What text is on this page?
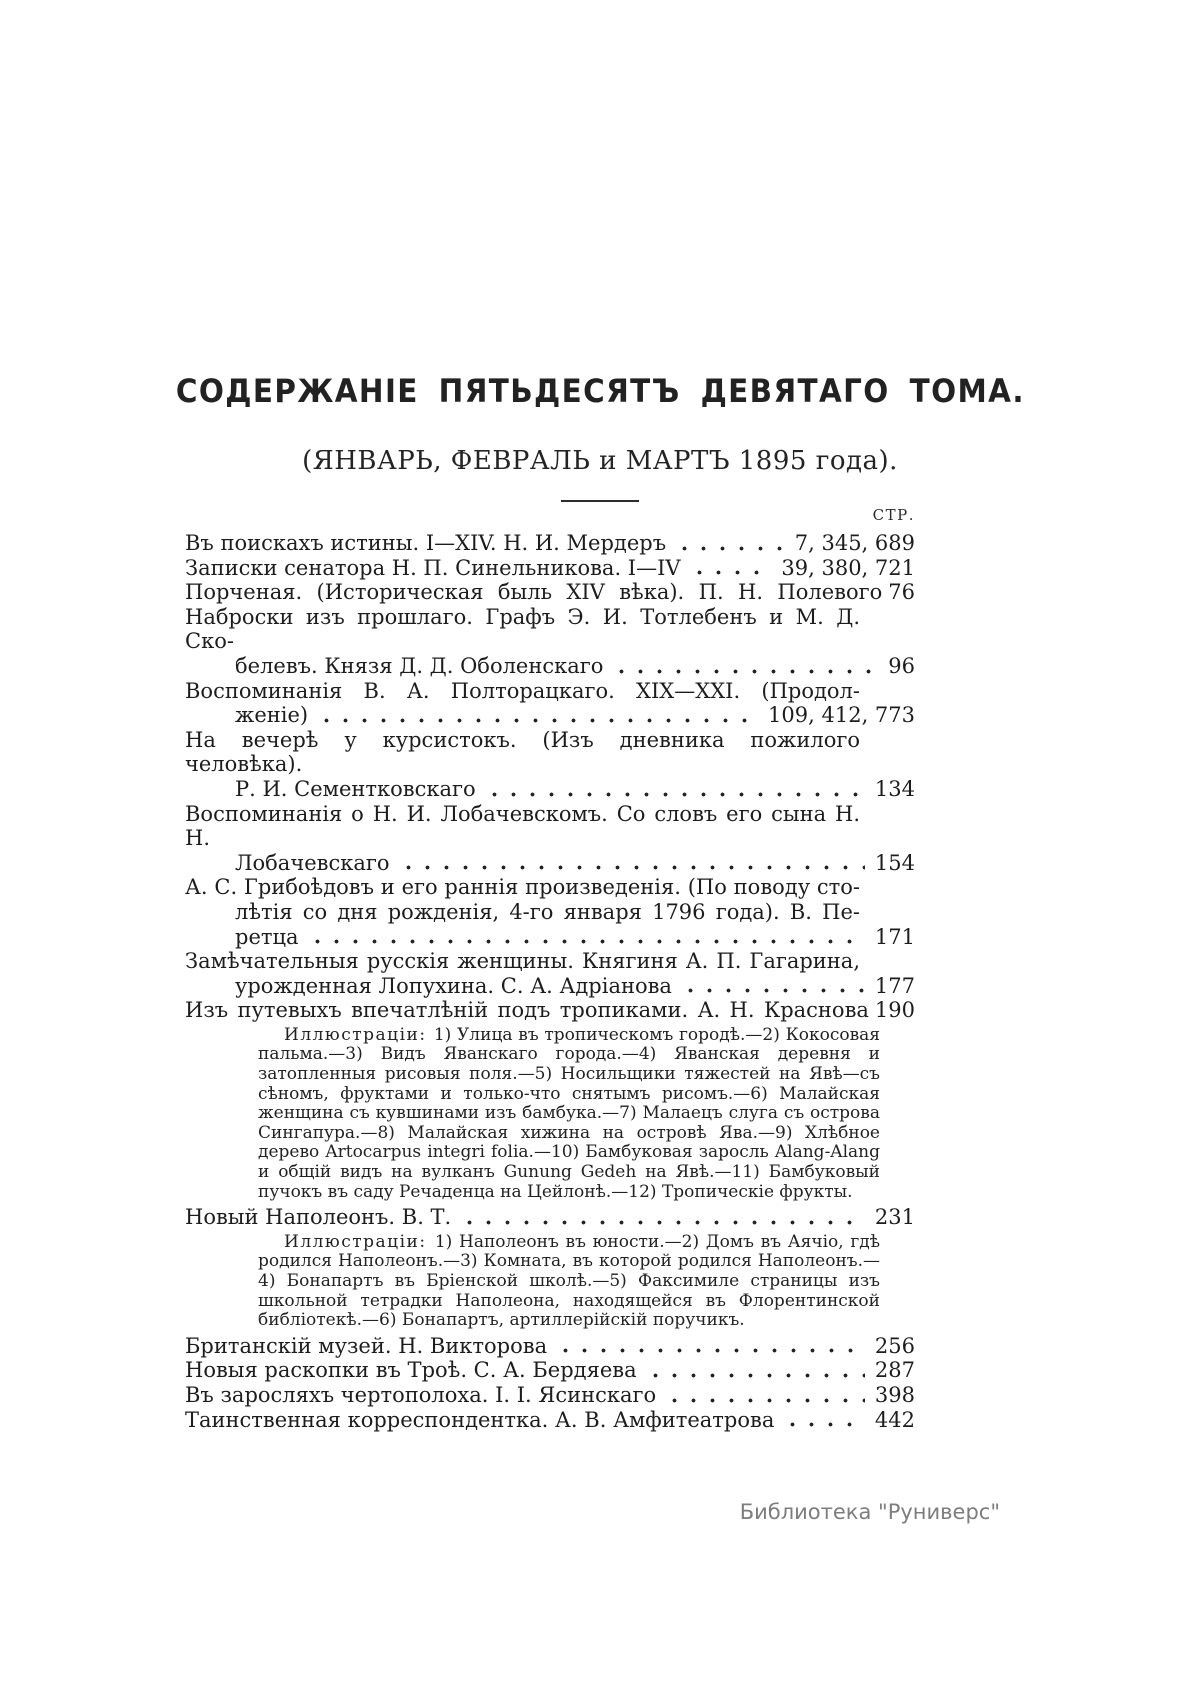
СОДЕРЖАНІЕ ПЯТЬДЕСЯТЪ ДЕВЯТАГО ТОМА.
(ЯНВАРЬ, ФЕВРАЛЬ и МАРТЪ 1895 года).
СТР.
Въ поискахъ истины. I—XIV. Н. И. Мердеръ	7, 345, 689
Записки сенатора Н. П. Синельникова. I—IV	39, 380, 721
Порченая. (Историческая быль XIV вѣка). П. Н. Полевого 76
Наброски изъ прошлаго. Графъ Э. И. Тотлебенъ и М. Д. Ско-
белевъ. Князя Д. Д. Оболенскаго	96
Воспоминанія В. А. Полторацкаго. XIX—XXI. (Продол-
женіе)	109, 412, 773
На вечерѣ у курсистокъ. (Изъ дневника пожилого человѣка).
Р. И. Сементковскаго	134
Воспоминанія о Н. И. Лобачевскомъ. Со словъ его сына Н. Н.
Лобачевскаго	154
А. С. Грибоѣдовъ и его раннія произведенія. (По поводу сто-
лѣтія со дня рожденія, 4-го января 1796 года). В. Пе-
ретца	171
Замѣчательныя русскія женщины. Княгиня А. П. Гагарина,
урожденная Лопухина. С. А. Адріанова	177
Изъ путевыхъ впечатлѣній подъ тропиками. А. Н. Краснова 190
Иллюстраціи: 1) Улица въ тропическомъ городѣ.—2) Кокосовая пальма.—3) Видъ Яванскаго города.—4) Яванская деревня и затопленныя рисовыя поля.—5) Носильщики тяжестей на Явѣ—съ сѣномъ, фруктами и только-что снятымъ рисомъ.—6) Малайская женщина съ кувшинами изъ бамбука.—7) Малаецъ слуга съ острова Сингапура.—8) Малайская хижина на островѣ Ява.—9) Хлѣбное дерево Artocarpus integri folia.—10) Бамбуковая заросль Alang-Alang и общій видъ на вулканъ Gunung Gedeh на Явѣ.—11) Бамбуковый пучокъ въ саду Речаденца на Цейлонѣ.—12) Тропическіе фрукты.
Новый Наполеонъ. В. Т.	231
Иллюстраціи: 1) Наполеонъ въ юности.—2) Домъ въ Аячіо, гдѣ родился Наполеонъ.—3) Комната, въ которой родился Наполеонъ.—4) Бонапартъ въ Бріенской школѣ.—5) Факсимиле страницы изъ школьной тетрадки Наполеона, находящейся въ Флорентинской библіотекѣ.—6) Бонапартъ, артиллерійскій поручикъ.
Британскій музей. Н. Викторова	256
Новыя раскопки въ Троѣ. С. А. Бердяева	287
Въ заросляхъ чертополоха. І. І. Ясинскаго	398
Таинственная корреспондентка. А. В. Амфитеатрова	442
Библиотека "Руниверс"
